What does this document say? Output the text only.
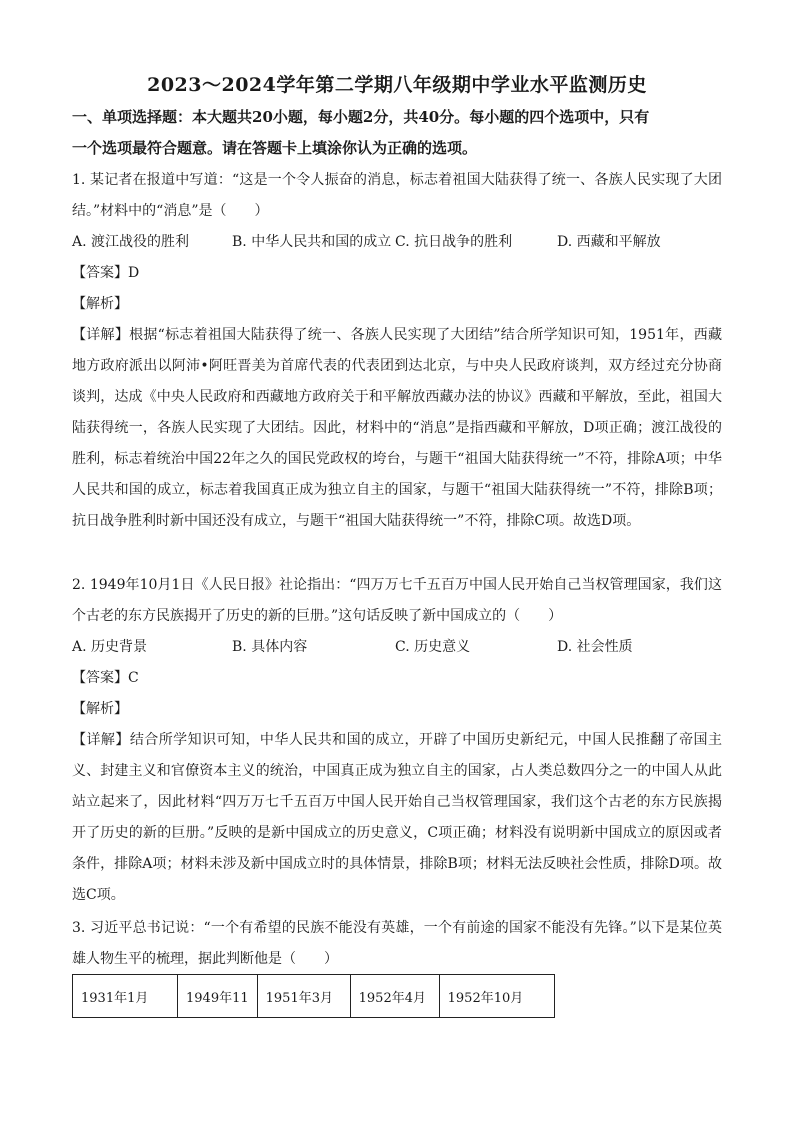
2023～2024学年第二学期八年级期中学业水平监测历史
一、单项选择题：本大题共20小题，每小题2分，共40分。每小题的四个选项中，只有
一个选项最符合题意。请在答题卡上填涂你认为正确的选项。
1. 某记者在报道中写道：“这是一个令人振奋的消息，标志着祖国大陆获得了统一、各族人民实现了大团结。”材料中的“消息”是（　　）
A. 渡江战役的胜利	B. 中华人民共和国的成立 C. 抗日战争的胜利	D. 西藏和平解放
【答案】D
【解析】
【详解】根据“标志着祖国大陆获得了统一、各族人民实现了大团结”结合所学知识可知，1951年，西藏地方政府派出以阿沛•阿旺晋美为首席代表的代表团到达北京，与中央人民政府谈判，双方经过充分协商谈判，达成《中央人民政府和西藏地方政府关于和平解放西藏办法的协议》西藏和平解放，至此，祖国大陆获得统一，各族人民实现了大团结。因此，材料中的“消息”是指西藏和平解放，D项正确；渡江战役的胜利，标志着统治中国22年之久的国民党政权的垮台，与题干“祖国大陆获得统一”不符，排除A项；中华人民共和国的成立，标志着我国真正成为独立自主的国家，与题干“祖国大陆获得统一”不符，排除B项；抗日战争胜利时新中国还没有成立，与题干“祖国大陆获得统一”不符，排除C项。故选D项。
2. 1949年10月1日《人民日报》社论指出：“四万万七千五百万中国人民开始自己当权管理国家，我们这个古老的东方民族揭开了历史的新的巨册。”这句话反映了新中国成立的（　　）
A. 历史背景	B. 具体内容	C. 历史意义	D. 社会性质
【答案】C
【解析】
【详解】结合所学知识可知，中华人民共和国的成立，开辟了中国历史新纪元，中国人民推翻了帝国主义、封建主义和官僚资本主义的统治，中国真正成为独立自主的国家，占人类总数四分之一的中国人从此站立起来了，因此材料“四万万七千五百万中国人民开始自己当权管理国家，我们这个古老的东方民族揭开了历史的新的巨册。”反映的是新中国成立的历史意义，C项正确；材料没有说明新中国成立的原因或者条件，排除A项；材料未涉及新中国成立时的具体情景，排除B项；材料无法反映社会性质，排除D项。故选C项。
3. 习近平总书记说：“一个有希望的民族不能没有英雄，一个有前途的国家不能没有先锋。”以下是某位英雄人物生平的梳理，据此判断他是（　　）
1931年1月	1949年11	1951年3月	1952年4月	1952年10月
